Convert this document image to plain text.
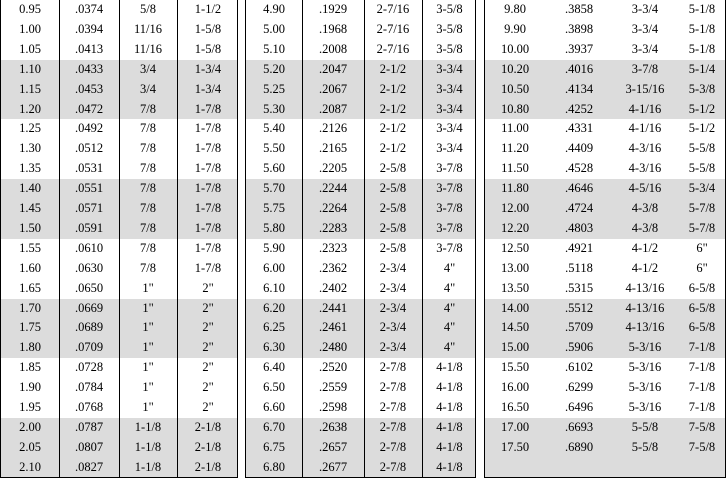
0.95	.0374	5/8	1-1/2
1.00	.0394	11/16	1-5/8
1.05	.0413	11/16	1-5/8
1.10	.0433	3/4	1-3/4
1.15	.0453	3/4	1-3/4
1.20	.0472	7/8	1-7/8
1.25	.0492	7/8	1-7/8
1.30	.0512	7/8	1-7/8
1.35	.0531	7/8	1-7/8
1.40	.0551	7/8	1-7/8
1.45	.0571	7/8	1-7/8
1.50	.0591	7/8	1-7/8
1.55	.0610	7/8	1-7/8
1.60	.0630	7/8	1-7/8
1.65	.0650	1"	2"
1.70	.0669	1"	2"
1.75	.0689	1"	2"
1.80	.0709	1"	2"
1.85	.0728	1"	2"
1.90	.0784	1"	2"
1.95	.0768	1"	2"
2.00	.0787	1-1/8	2-1/8
2.05	.0807	1-1/8	2-1/8
2.10	.0827	1-1/8	2-1/8
4.90	.1929	2-7/16	3-5/8
5.00	.1968	2-7/16	3-5/8
5.10	.2008	2-7/16	3-5/8
5.20	.2047	2-1/2	3-3/4
5.25	.2067	2-1/2	3-3/4
5.30	.2087	2-1/2	3-3/4
5.40	.2126	2-1/2	3-3/4
5.50	.2165	2-1/2	3-3/4
5.60	.2205	2-5/8	3-7/8
5.70	.2244	2-5/8	3-7/8
5.75	.2264	2-5/8	3-7/8
5.80	.2283	2-5/8	3-7/8
5.90	.2323	2-5/8	3-7/8
6.00	.2362	2-3/4	4"
6.10	.2402	2-3/4	4"
6.20	.2441	2-3/4	4"
6.25	.2461	2-3/4	4"
6.30	.2480	2-3/4	4"
6.40	.2520	2-7/8	4-1/8
6.50	.2559	2-7/8	4-1/8
6.60	.2598	2-7/8	4-1/8
6.70	.2638	2-7/8	4-1/8
6.75	.2657	2-7/8	4-1/8
6.80	.2677	2-7/8	4-1/8
9.80	.3858	3-3/4	5-1/8
9.90	.3898	3-3/4	5-1/8
10.00	.3937	3-3/4	5-1/8
10.20	.4016	3-7/8	5-1/4
10.50	.4134	3-15/16	5-3/8
10.80	.4252	4-1/16	5-1/2
11.00	.4331	4-1/16	5-1/2
11.20	.4409	4-3/16	5-5/8
11.50	.4528	4-3/16	5-5/8
11.80	.4646	4-5/16	5-3/4
12.00	.4724	4-3/8	5-7/8
12.20	.4803	4-3/8	5-7/8
12.50	.4921	4-1/2	6"
13.00	.5118	4-1/2	6"
13.50	.5315	4-13/16	6-5/8
14.00	.5512	4-13/16	6-5/8
14.50	.5709	4-13/16	6-5/8
15.00	.5906	5-3/16	7-1/8
15.50	.6102	5-3/16	7-1/8
16.00	.6299	5-3/16	7-1/8
16.50	.6496	5-3/16	7-1/8
17.00	.6693	5-5/8	7-5/8
17.50	.6890	5-5/8	7-5/8
